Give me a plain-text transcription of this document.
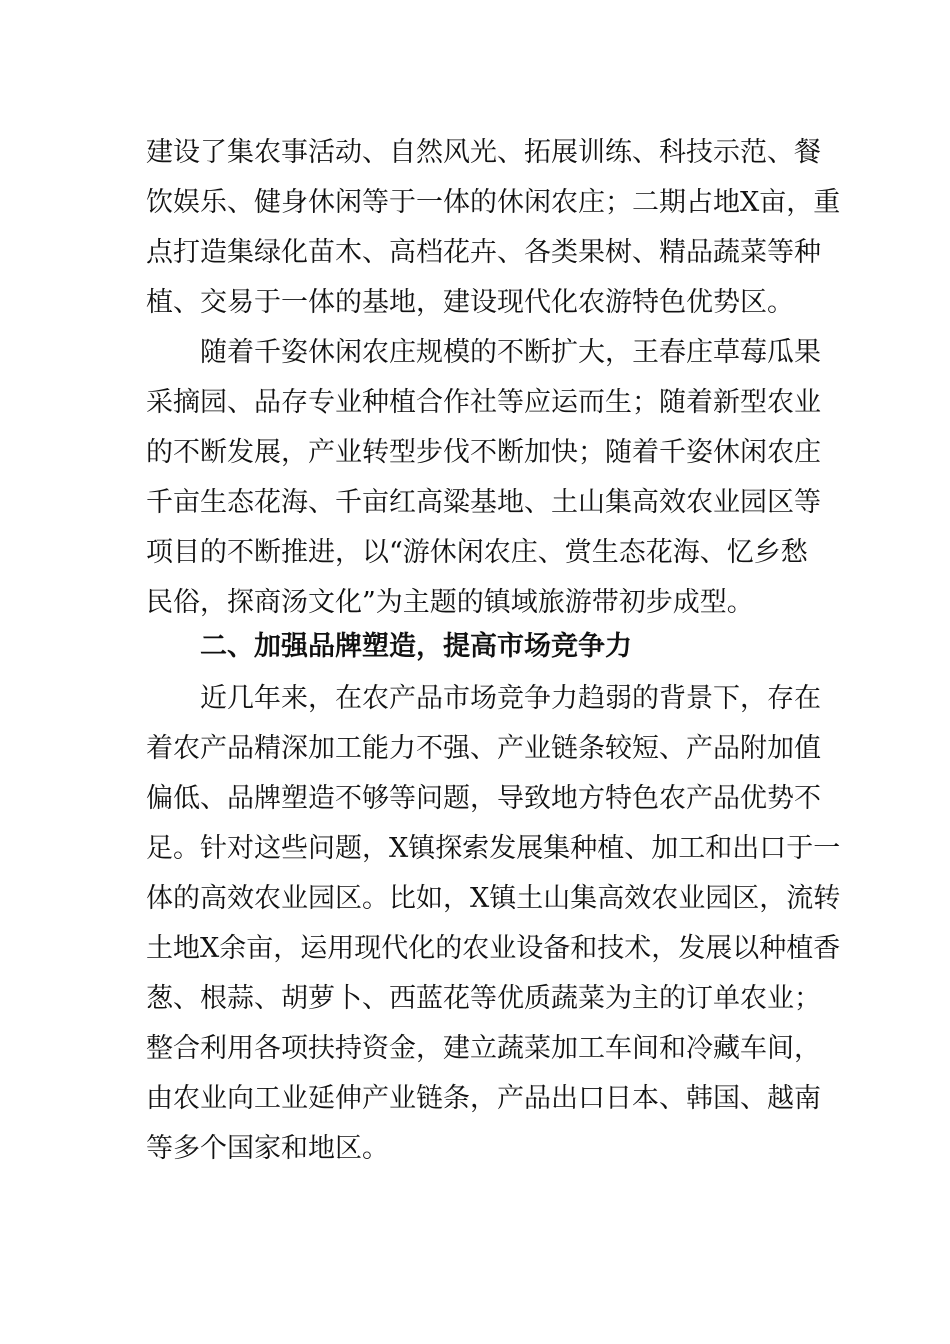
建设了集农事活动、自然风光、拓展训练、科技示范、餐
饮娱乐、健身休闲等于一体的休闲农庄；二期占地X亩，重
点打造集绿化苗木、高档花卉、各类果树、精品蔬菜等种
植、交易于一体的基地，建设现代化农游特色优势区。
随着千姿休闲农庄规模的不断扩大，王春庄草莓瓜果
采摘园、品存专业种植合作社等应运而生；随着新型农业
的不断发展，产业转型步伐不断加快；随着千姿休闲农庄
千亩生态花海、千亩红高粱基地、土山集高效农业园区等
项目的不断推进，以“游休闲农庄、赏生态花海、忆乡愁
民俗，探商汤文化”为主题的镇域旅游带初步成型。
二、加强品牌塑造，提高市场竞争力
近几年来，在农产品市场竞争力趋弱的背景下，存在
着农产品精深加工能力不强、产业链条较短、产品附加值
偏低、品牌塑造不够等问题，导致地方特色农产品优势不
足。针对这些问题，X镇探索发展集种植、加工和出口于一
体的高效农业园区。比如，X镇土山集高效农业园区，流转
土地X余亩，运用现代化的农业设备和技术，发展以种植香
葱、根蒜、胡萝卜、西蓝花等优质蔬菜为主的订单农业；
整合利用各项扶持资金，建立蔬菜加工车间和冷藏车间，
由农业向工业延伸产业链条，产品出口日本、韩国、越南
等多个国家和地区。
